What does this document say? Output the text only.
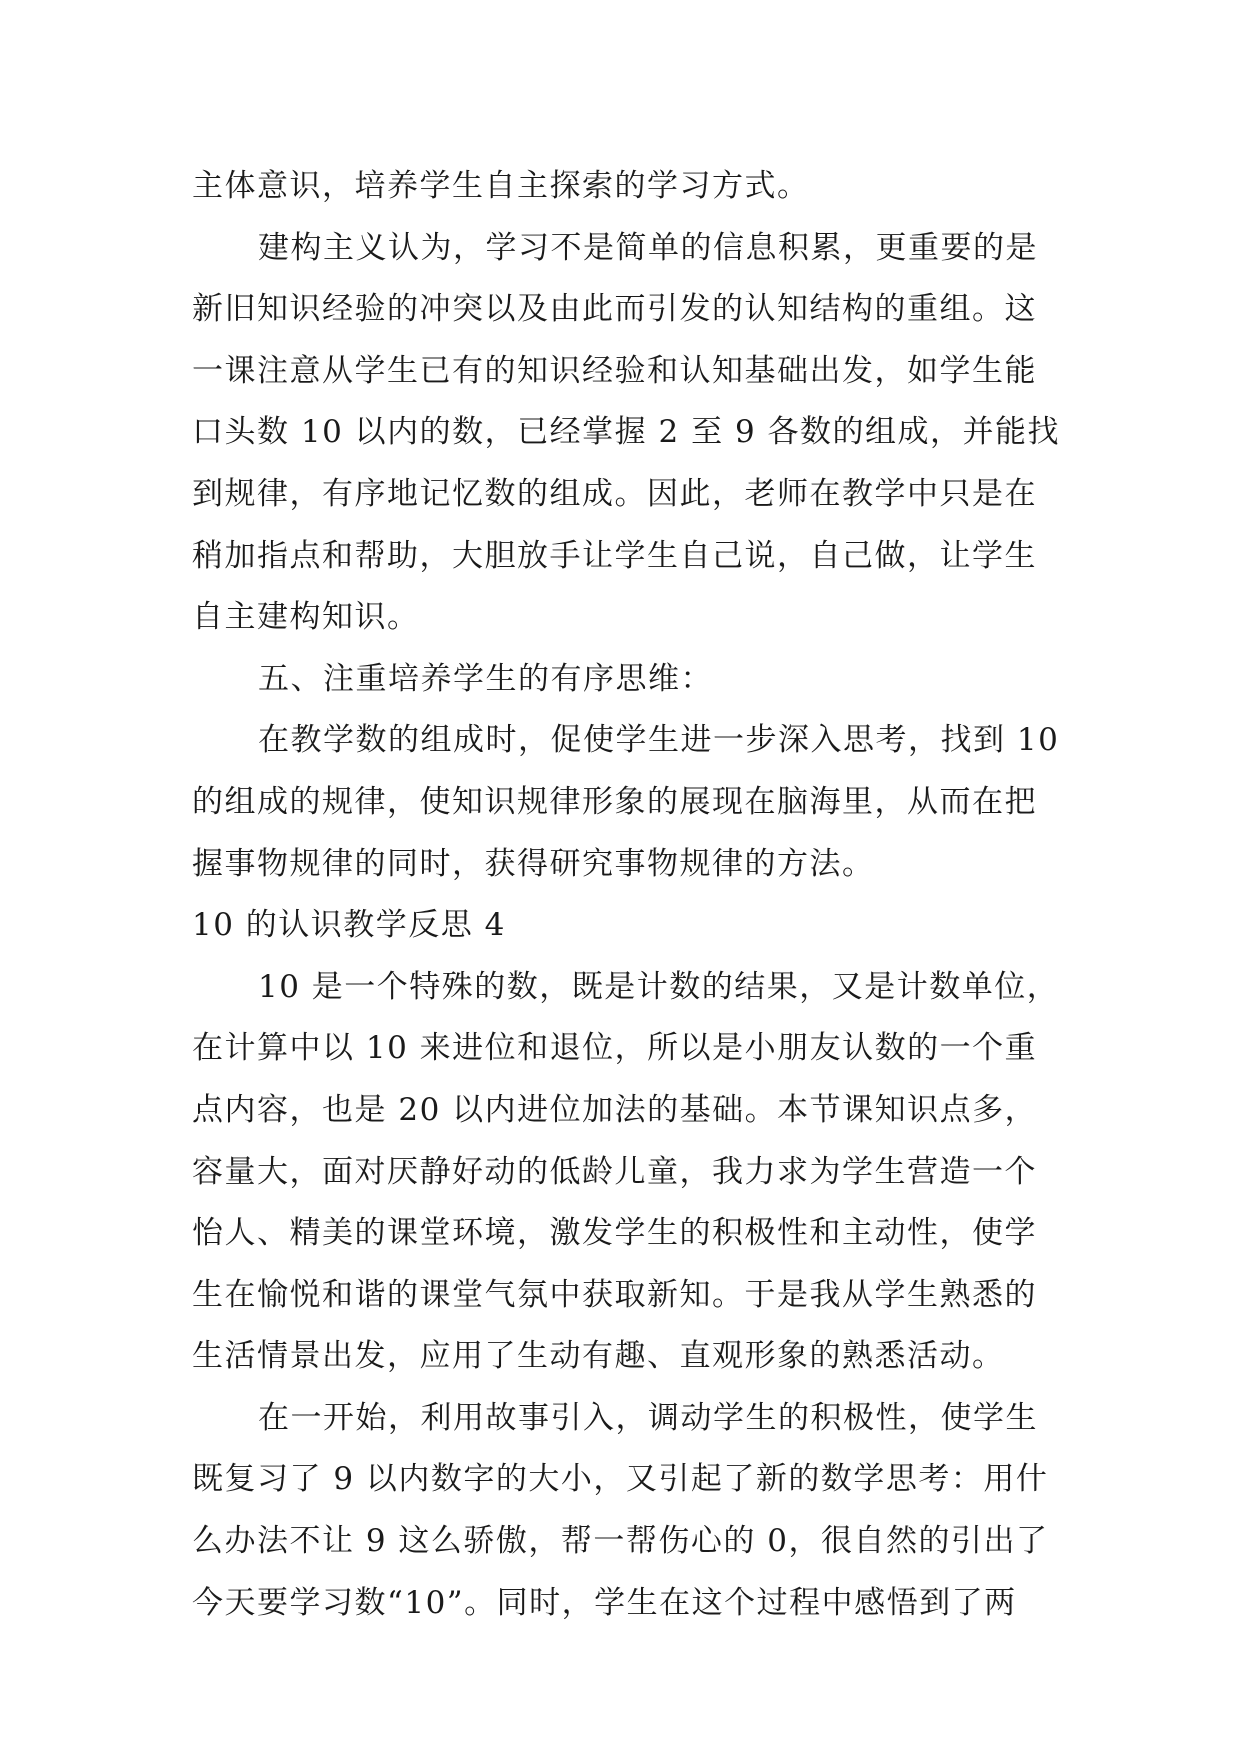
主体意识，培养学生自主探索的学习方式。
建构主义认为，学习不是简单的信息积累，更重要的是
新旧知识经验的冲突以及由此而引发的认知结构的重组。这
一课注意从学生已有的知识经验和认知基础出发，如学生能
口头数 10 以内的数，已经掌握 2 至 9 各数的组成，并能找
到规律，有序地记忆数的组成。因此，老师在教学中只是在
稍加指点和帮助，大胆放手让学生自己说，自己做，让学生
自主建构知识。
五、注重培养学生的有序思维：
在教学数的组成时，促使学生进一步深入思考，找到 10
的组成的规律，使知识规律形象的展现在脑海里，从而在把
握事物规律的同时，获得研究事物规律的方法。
10 的认识教学反思 4
10 是一个特殊的数，既是计数的结果，又是计数单位，
在计算中以 10 来进位和退位，所以是小朋友认数的一个重
点内容，也是 20 以内进位加法的基础。本节课知识点多，
容量大，面对厌静好动的低龄儿童，我力求为学生营造一个
怡人、精美的课堂环境，激发学生的积极性和主动性，使学
生在愉悦和谐的课堂气氛中获取新知。于是我从学生熟悉的
生活情景出发，应用了生动有趣、直观形象的熟悉活动。
在一开始，利用故事引入，调动学生的积极性，使学生
既复习了 9 以内数字的大小，又引起了新的数学思考：用什
么办法不让 9 这么骄傲，帮一帮伤心的 0，很自然的引出了
今天要学习数“10”。同时，学生在这个过程中感悟到了两
